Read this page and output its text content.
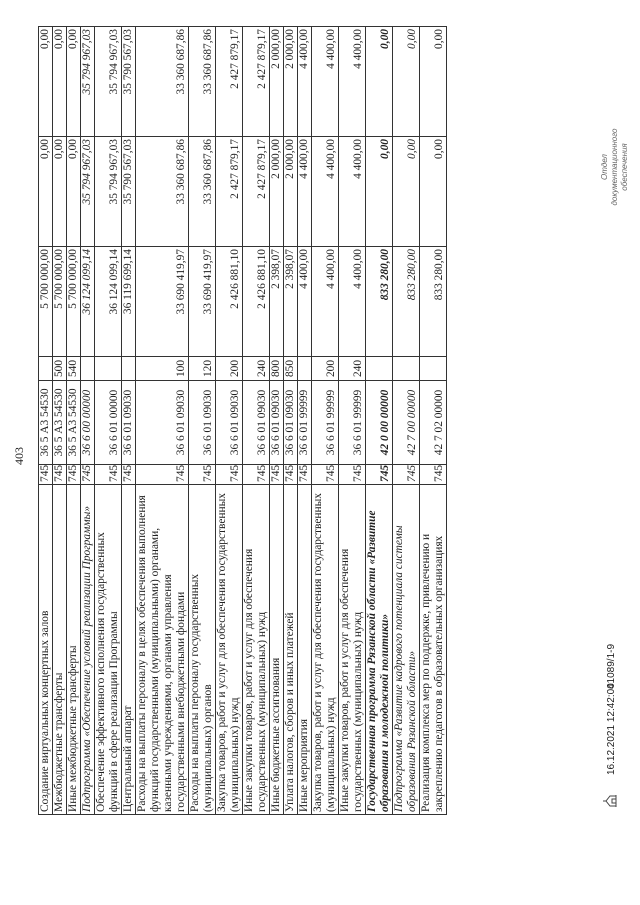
403
Создание виртуальных концертных залов	745	36 5 А3 54530		5 700 000,00	0,00	0,00
Межбюджетные трансферты	745	36 5 А3 54530	500	5 700 000,00	0,00	0,00
Иные межбюджетные трансферты	745	36 5 А3 54530	540	5 700 000,00	0,00	0,00
Подпрограмма «Обеспечение условий реализации Программы»	745	36 6 00 00000		36 124 099,14	35 794 967,03	35 794 967,03
Обеспечение эффективного исполнения государственных функций в сфере реализации Программы	745	36 6 01 00000		36 124 099,14	35 794 967,03	35 794 967,03
Центральный аппарат	745	36 6 01 09030		36 119 699,14	35 790 567,03	35 790 567,03
Расходы на выплаты персоналу в целях обеспечения выполнения функций государственными (муниципальными) органами, казенными учреждениями, органами управления государственными внебюджетными фондами	745	36 6 01 09030	100	33 690 419,97	33 360 687,86	33 360 687,86
Расходы на выплаты персоналу государственных (муниципальных) органов	745	36 6 01 09030	120	33 690 419,97	33 360 687,86	33 360 687,86
Закупка товаров, работ и услуг для обеспечения государственных (муниципальных) нужд	745	36 6 01 09030	200	2 426 881,10	2 427 879,17	2 427 879,17
Иные закупки товаров, работ и услуг для обеспечения государственных (муниципальных) нужд	745	36 6 01 09030	240	2 426 881,10	2 427 879,17	2 427 879,17
Иные бюджетные ассигнования	745	36 6 01 09030	800	2 398,07	2 000,00	2 000,00
Уплата налогов, сборов и иных платежей	745	36 6 01 09030	850	2 398,07	2 000,00	2 000,00
Иные мероприятия	745	36 6 01 99999		4 400,00	4 400,00	4 400,00
Закупка товаров, работ и услуг для обеспечения государственных (муниципальных) нужд	745	36 6 01 99999	200	4 400,00	4 400,00	4 400,00
Иные закупки товаров, работ и услуг для обеспечения государственных (муниципальных) нужд	745	36 6 01 99999	240	4 400,00	4 400,00	4 400,00
Государственная программа Рязанской области «Развитие образования и молодежной политики»	745	42 0 00 00000		833 280,00	0,00	0,00
Подпрограмма «Развитие кадрового потенциала системы образования Рязанской области»	745	42 7 00 00000		833 280,00	0,00	0,00
Реализация комплекса мер по поддержке, привлечению и закреплению педагогов в образовательных организациях	745	42 7 02 00000		833 280,00	0,00	0,00
16.12.2021 12:42:00
41089/1-9
Отдел документационного обеспечения
